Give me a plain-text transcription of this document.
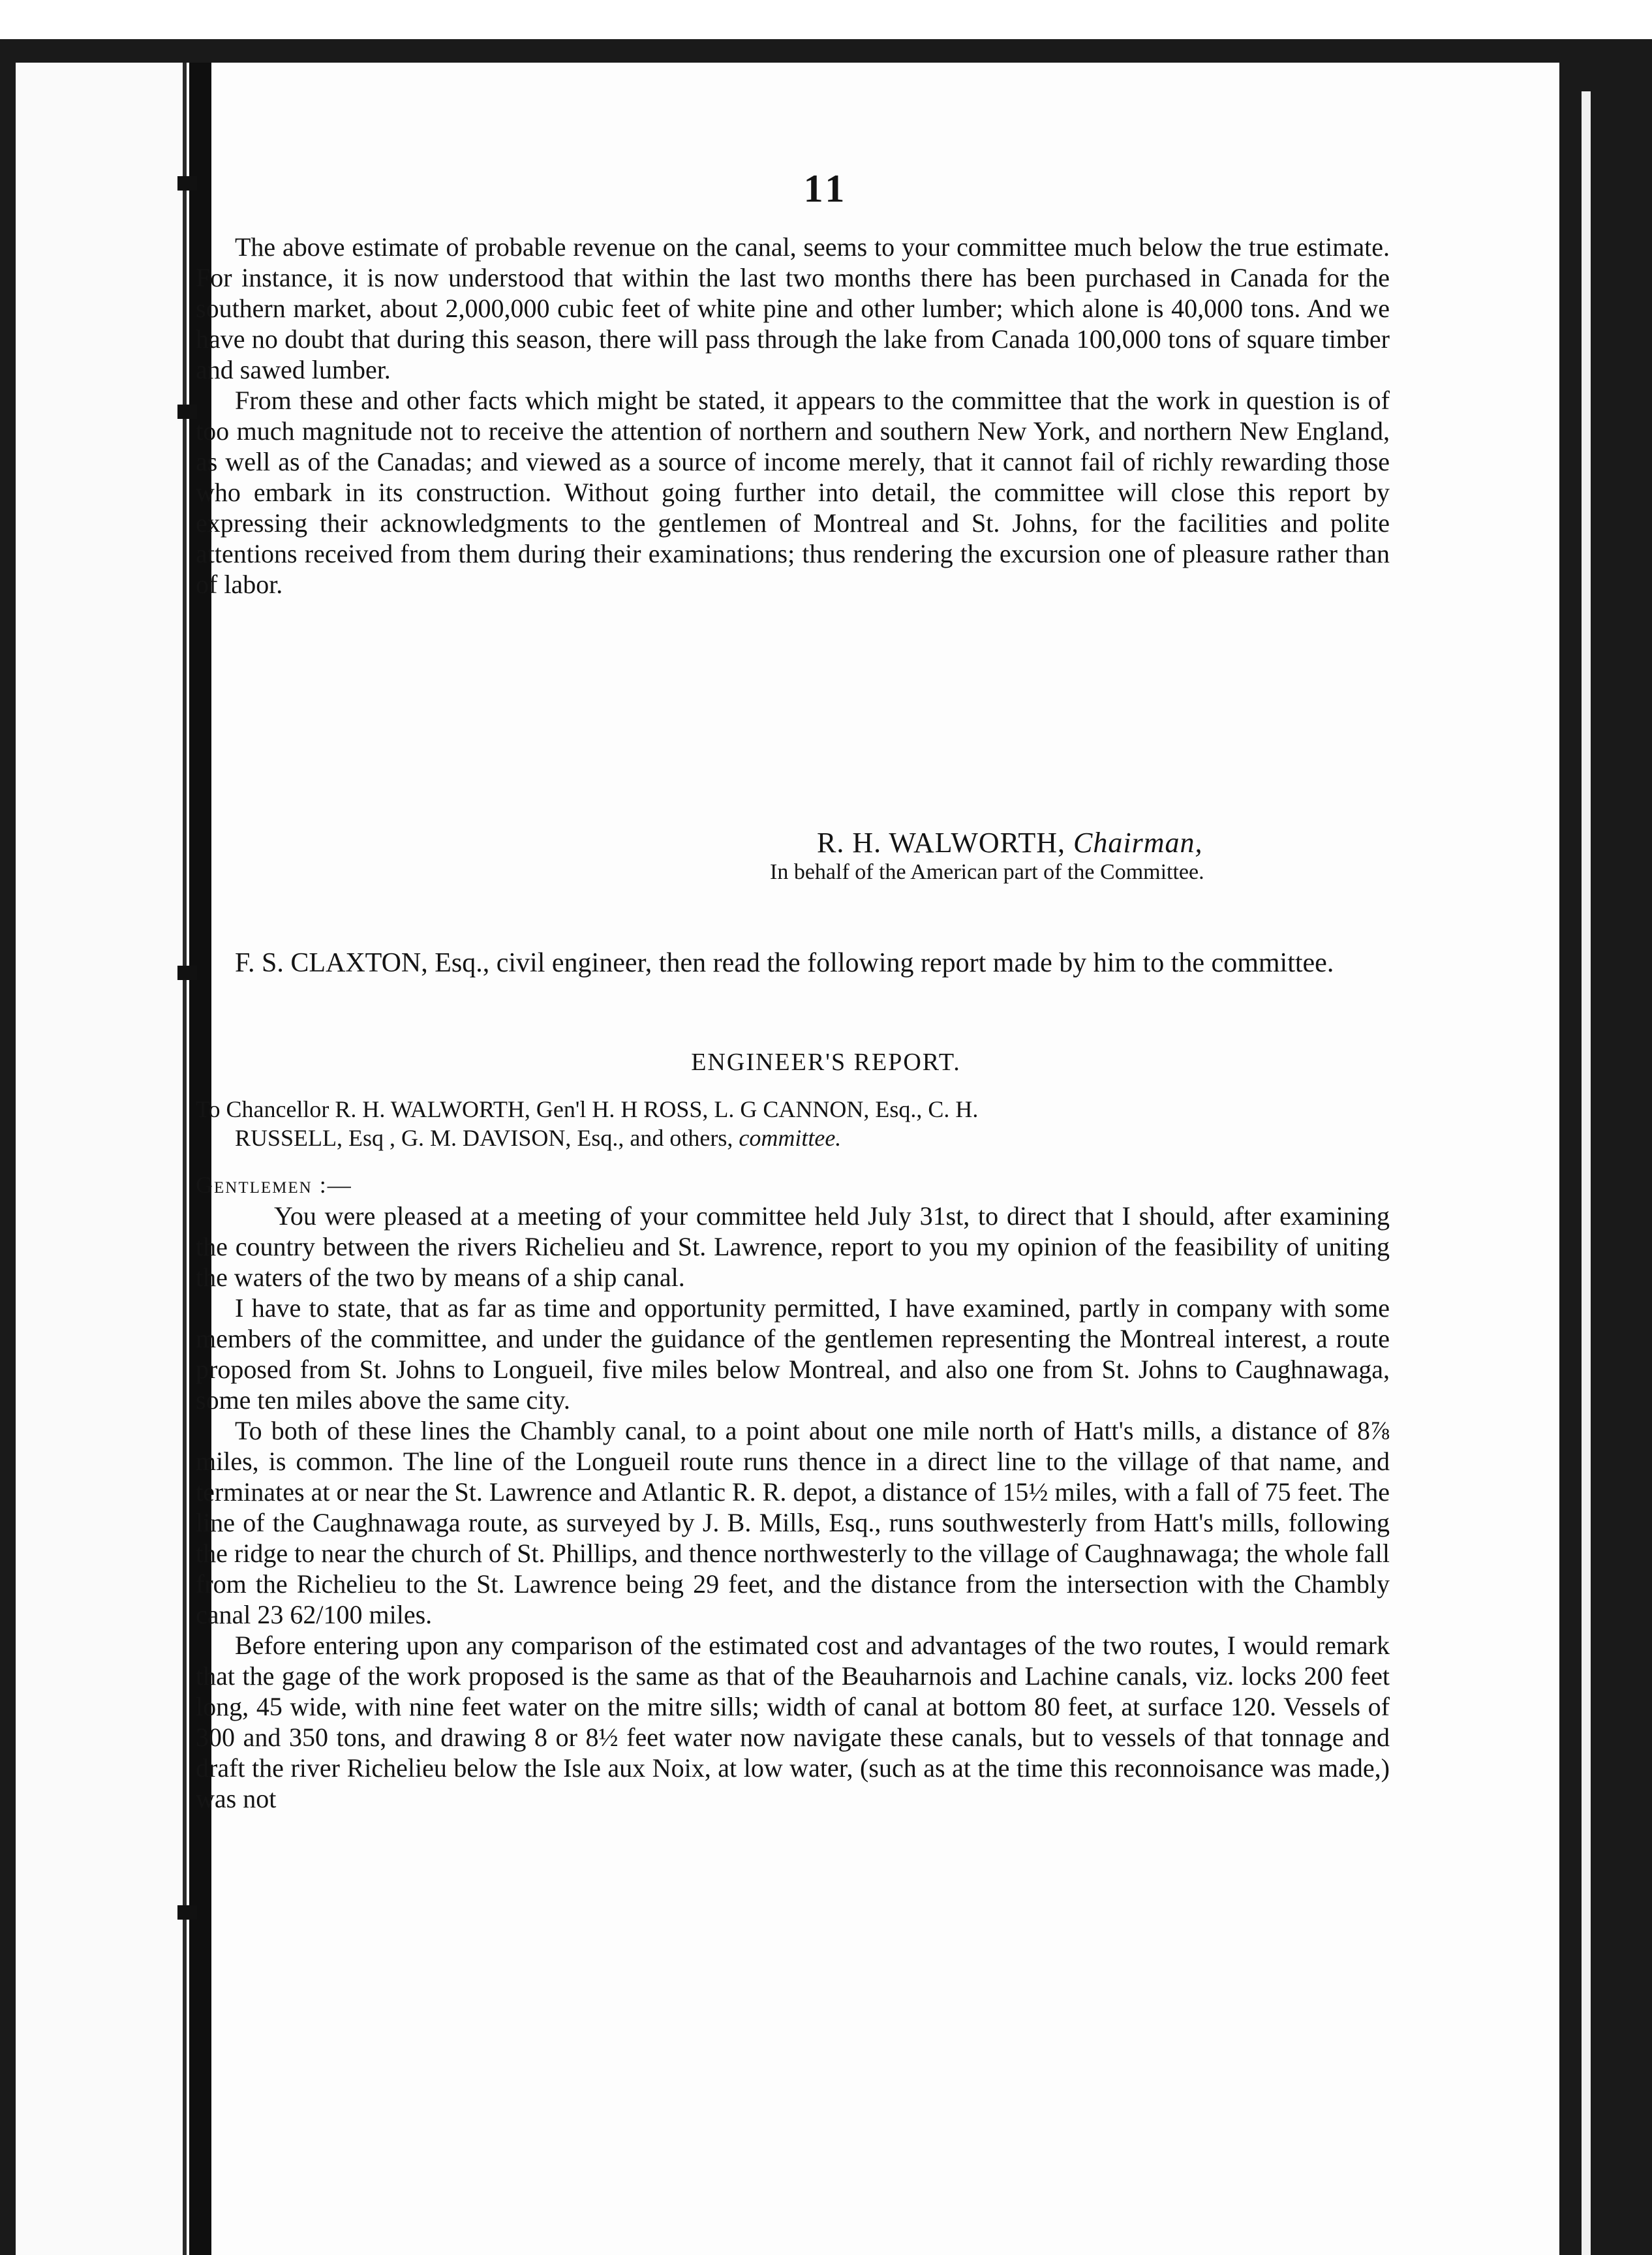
11

The above estimate of probable revenue on the canal, seems to your committee much below the true estimate. For instance, it is now understood that within the last two months there has been purchased in Canada for the southern market, about 2,000,000 cubic feet of white pine and other lumber; which alone is 40,000 tons. And we have no doubt that during this season, there will pass through the lake from Canada 100,000 tons of square timber and sawed lumber.

From these and other facts which might be stated, it appears to the committee that the work in question is of too much magnitude not to receive the attention of northern and southern New York, and northern New England, as well as of the Canadas; and viewed as a source of income merely, that it cannot fail of richly rewarding those who embark in its construction. Without going further into detail, the committee will close this report by expressing their acknowledgments to the gentlemen of Montreal and St. Johns, for the facilities and polite attentions received from them during their examinations; thus rendering the excursion one of pleasure rather than of labor.

R. H. WALWORTH, Chairman,
In behalf of the American part of the Committee.

F. S. CLAXTON, Esq., civil engineer, then read the following report made by him to the committee.

ENGINEER'S REPORT.
To Chancellor R. H. WALWORTH, Gen'l H. H ROSS, L. G CANNON, Esq., C. H.
RUSSELL, Esq , G. M. DAVISON, Esq., and others, committee.
Gentlemen :—

You were pleased at a meeting of your committee held July 31st, to direct that I should, after examining the country between the rivers Richelieu and St. Lawrence, report to you my opinion of the feasibility of uniting the waters of the two by means of a ship canal.

I have to state, that as far as time and opportunity permitted, I have examined, partly in company with some members of the committee, and under the guidance of the gentlemen representing the Montreal interest, a route proposed from St. Johns to Longueil, five miles below Montreal, and also one from St. Johns to Caughnawaga, some ten miles above the same city.

To both of these lines the Chambly canal, to a point about one mile north of Hatt's mills, a distance of 8⅞ miles, is common. The line of the Longueil route runs thence in a direct line to the village of that name, and terminates at or near the St. Lawrence and Atlantic R. R. depot, a distance of 15½ miles, with a fall of 75 feet. The line of the Caughnawaga route, as surveyed by J. B. Mills, Esq., runs southwesterly from Hatt's mills, following the ridge to near the church of St. Phillips, and thence northwesterly to the village of Caughnawaga; the whole fall from the Richelieu to the St. Lawrence being 29 feet, and the distance from the intersection with the Chambly canal 23 62/100 miles.

Before entering upon any comparison of the estimated cost and advantages of the two routes, I would remark that the gage of the work proposed is the same as that of the Beauharnois and Lachine canals, viz. locks 200 feet long, 45 wide, with nine feet water on the mitre sills; width of canal at bottom 80 feet, at surface 120. Vessels of 300 and 350 tons, and drawing 8 or 8½ feet water now navigate these canals, but to vessels of that tonnage and draft the river Richelieu below the Isle aux Noix, at low water, (such as at the time this reconnoisance was made,) was not
